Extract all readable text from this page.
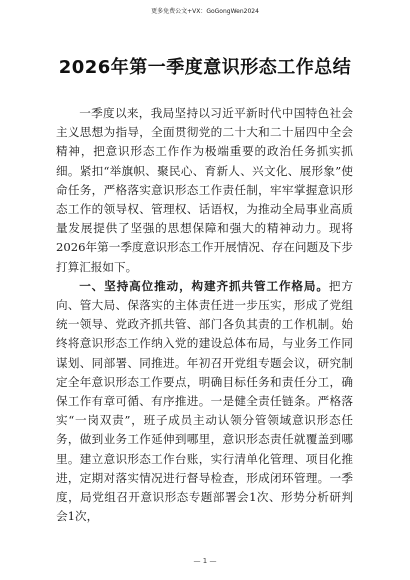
更多免费公文+VX：GoGongWen2024
2026年第一季度意识形态工作总结

一季度以来，我局坚持以习近平新时代中国特色社会主义思想为指导，全面贯彻党的二十大和二十届四中全会精神，把意识形态工作作为极端重要的政治任务抓实抓细。紧扣“举旗帜、聚民心、育新人、兴文化、展形象”使命任务，严格落实意识形态工作责任制，牢牢掌握意识形态工作的领导权、管理权、话语权，为推动全局事业高质量发展提供了坚强的思想保障和强大的精神动力。现将2026年第一季度意识形态工作开展情况、存在问题及下步打算汇报如下。

一、坚持高位推动，构建齐抓共管工作格局。把方向、管大局、保落实的主体责任进一步压实，形成了党组统一领导、党政齐抓共管、部门各负其责的工作机制。始终将意识形态工作纳入党的建设总体布局，与业务工作同谋划、同部署、同推进。年初召开党组专题会议，研究制定全年意识形态工作要点，明确目标任务和责任分工，确保工作有章可循、有序推进。一是健全责任链条。严格落实“一岗双责”，班子成员主动认领分管领域意识形态任务，做到业务工作延伸到哪里，意识形态责任就覆盖到哪里。建立意识形态工作台账，实行清单化管理、项目化推进，定期对落实情况进行督导检查，形成闭环管理。一季度，局党组召开意识形态专题部署会1次、形势分析研判会1次，

— 1 —
